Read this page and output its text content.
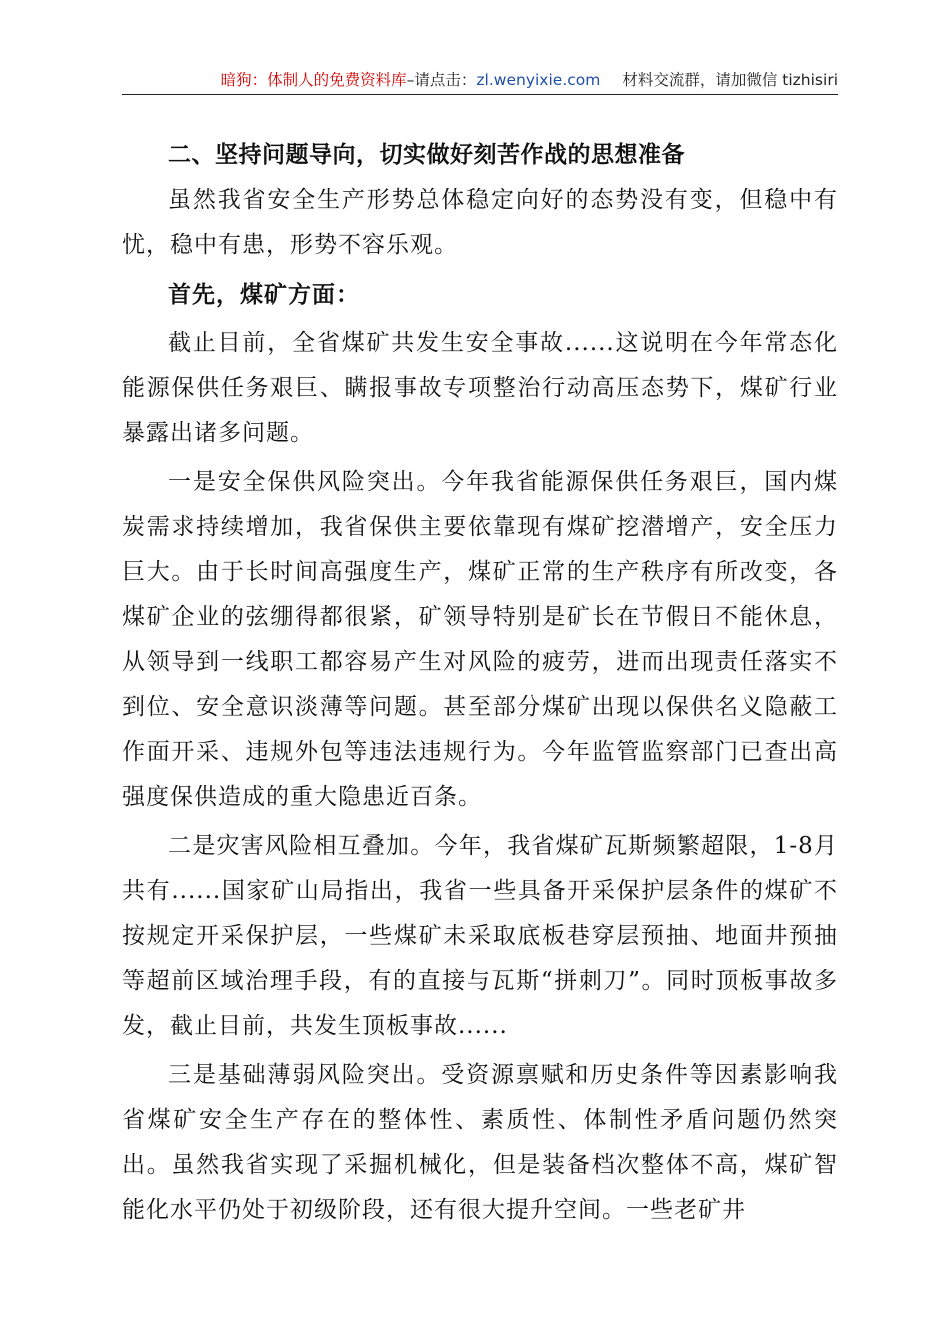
暗狗：体制人的免费资料库–请点击：zl.wenyixie.com 材料交流群，请加微信 tizhisiri

二、坚持问题导向，切实做好刻苦作战的思想准备

虽然我省安全生产形势总体稳定向好的态势没有变，但稳中有忧，稳中有患，形势不容乐观。

首先，煤矿方面：

截止目前，全省煤矿共发生安全事故......这说明在今年常态化能源保供任务艰巨、瞒报事故专项整治行动高压态势下，煤矿行业暴露出诸多问题。

一是安全保供风险突出。今年我省能源保供任务艰巨，国内煤炭需求持续增加，我省保供主要依靠现有煤矿挖潜增产，安全压力巨大。由于长时间高强度生产，煤矿正常的生产秩序有所改变，各煤矿企业的弦绷得都很紧，矿领导特别是矿长在节假日不能休息，从领导到一线职工都容易产生对风险的疲劳，进而出现责任落实不到位、安全意识淡薄等问题。甚至部分煤矿出现以保供名义隐蔽工作面开采、违规外包等违法违规行为。今年监管监察部门已查出高强度保供造成的重大隐患近百条。

二是灾害风险相互叠加。今年，我省煤矿瓦斯频繁超限，1-8月共有......国家矿山局指出，我省一些具备开采保护层条件的煤矿不按规定开采保护层，一些煤矿未采取底板巷穿层预抽、地面井预抽等超前区域治理手段，有的直接与瓦斯“拼刺刀”。同时顶板事故多发，截止目前，共发生顶板事故......

三是基础薄弱风险突出。受资源禀赋和历史条件等因素影响我省煤矿安全生产存在的整体性、素质性、体制性矛盾问题仍然突出。虽然我省实现了采掘机械化，但是装备档次整体不高，煤矿智能化水平仍处于初级阶段，还有很大提升空间。一些老矿井
